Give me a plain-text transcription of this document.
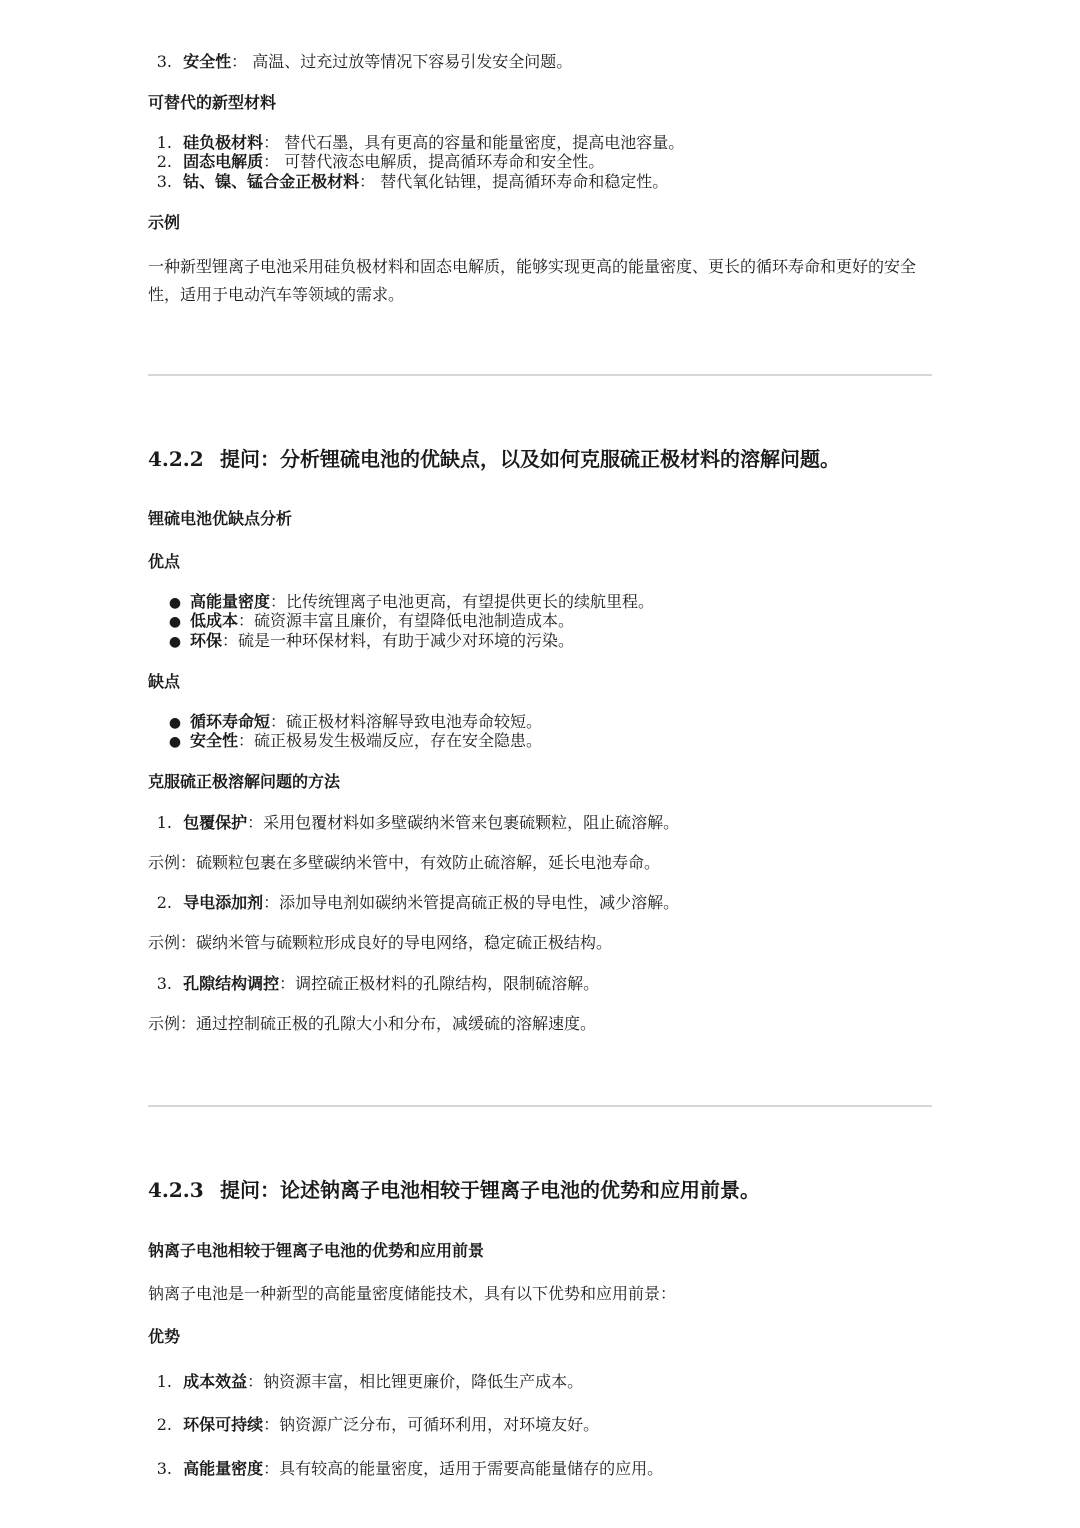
3. 安全性： 高温、过充过放等情况下容易引发安全问题。
可替代的新型材料
1. 硅负极材料： 替代石墨，具有更高的容量和能量密度，提高电池容量。
2. 固态电解质： 可替代液态电解质，提高循环寿命和安全性。
3. 钴、镍、锰合金正极材料： 替代氧化钴锂，提高循环寿命和稳定性。
示例
一种新型锂离子电池采用硅负极材料和固态电解质，能够实现更高的能量密度、更长的循环寿命和更好的安全性，适用于电动汽车等领域的需求。
4.2.2 提问：分析锂硫电池的优缺点，以及如何克服硫正极材料的溶解问题。
锂硫电池优缺点分析
优点
● 高能量密度：比传统锂离子电池更高，有望提供更长的续航里程。
● 低成本：硫资源丰富且廉价，有望降低电池制造成本。
● 环保：硫是一种环保材料，有助于减少对环境的污染。
缺点
● 循环寿命短：硫正极材料溶解导致电池寿命较短。
● 安全性：硫正极易发生极端反应，存在安全隐患。
克服硫正极溶解问题的方法
1. 包覆保护：采用包覆材料如多壁碳纳米管来包裹硫颗粒，阻止硫溶解。
示例：硫颗粒包裹在多壁碳纳米管中，有效防止硫溶解，延长电池寿命。
2. 导电添加剂：添加导电剂如碳纳米管提高硫正极的导电性，减少溶解。
示例：碳纳米管与硫颗粒形成良好的导电网络，稳定硫正极结构。
3. 孔隙结构调控：调控硫正极材料的孔隙结构，限制硫溶解。
示例：通过控制硫正极的孔隙大小和分布，减缓硫的溶解速度。
4.2.3 提问：论述钠离子电池相较于锂离子电池的优势和应用前景。
钠离子电池相较于锂离子电池的优势和应用前景
钠离子电池是一种新型的高能量密度储能技术，具有以下优势和应用前景：
优势
1. 成本效益：钠资源丰富，相比锂更廉价，降低生产成本。
2. 环保可持续：钠资源广泛分布，可循环利用，对环境友好。
3. 高能量密度：具有较高的能量密度，适用于需要高能量储存的应用。
